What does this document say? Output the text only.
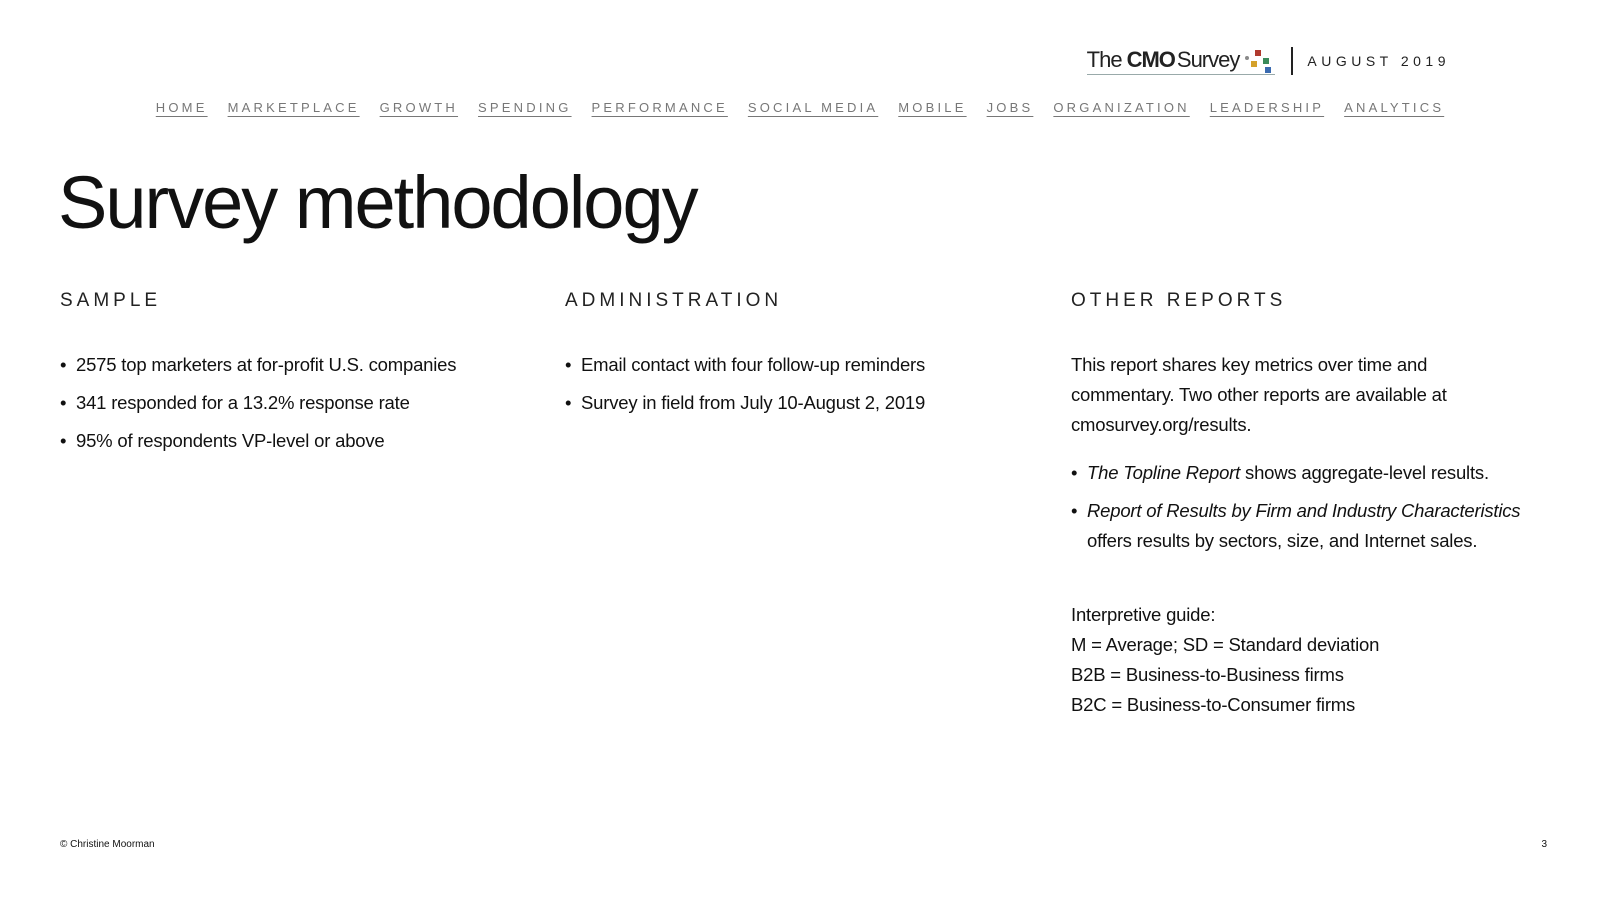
The CMO Survey	AUGUST 2019
HOME MARKETPLACE GROWTH SPENDING PERFORMANCE SOCIAL MEDIA MOBILE JOBS ORGANIZATION LEADERSHIP ANALYTICS
Survey methodology
SAMPLE
• 2575 top marketers at for-profit U.S. companies
• 341 responded for a 13.2% response rate
• 95% of respondents VP-level or above
ADMINISTRATION
• Email contact with four follow-up reminders
• Survey in field from July 10-August 2, 2019
OTHER REPORTS

This report shares key metrics over time and commentary. Two other reports are available at cmosurvey.org/results.

• The Topline Report shows aggregate-level results.
• Report of Results by Firm and Industry Characteristics offers results by sectors, size, and Internet sales.
Interpretive guide:
M = Average; SD = Standard deviation
B2B = Business-to-Business firms
B2C = Business-to-Consumer firms
© Christine Moorman	3
